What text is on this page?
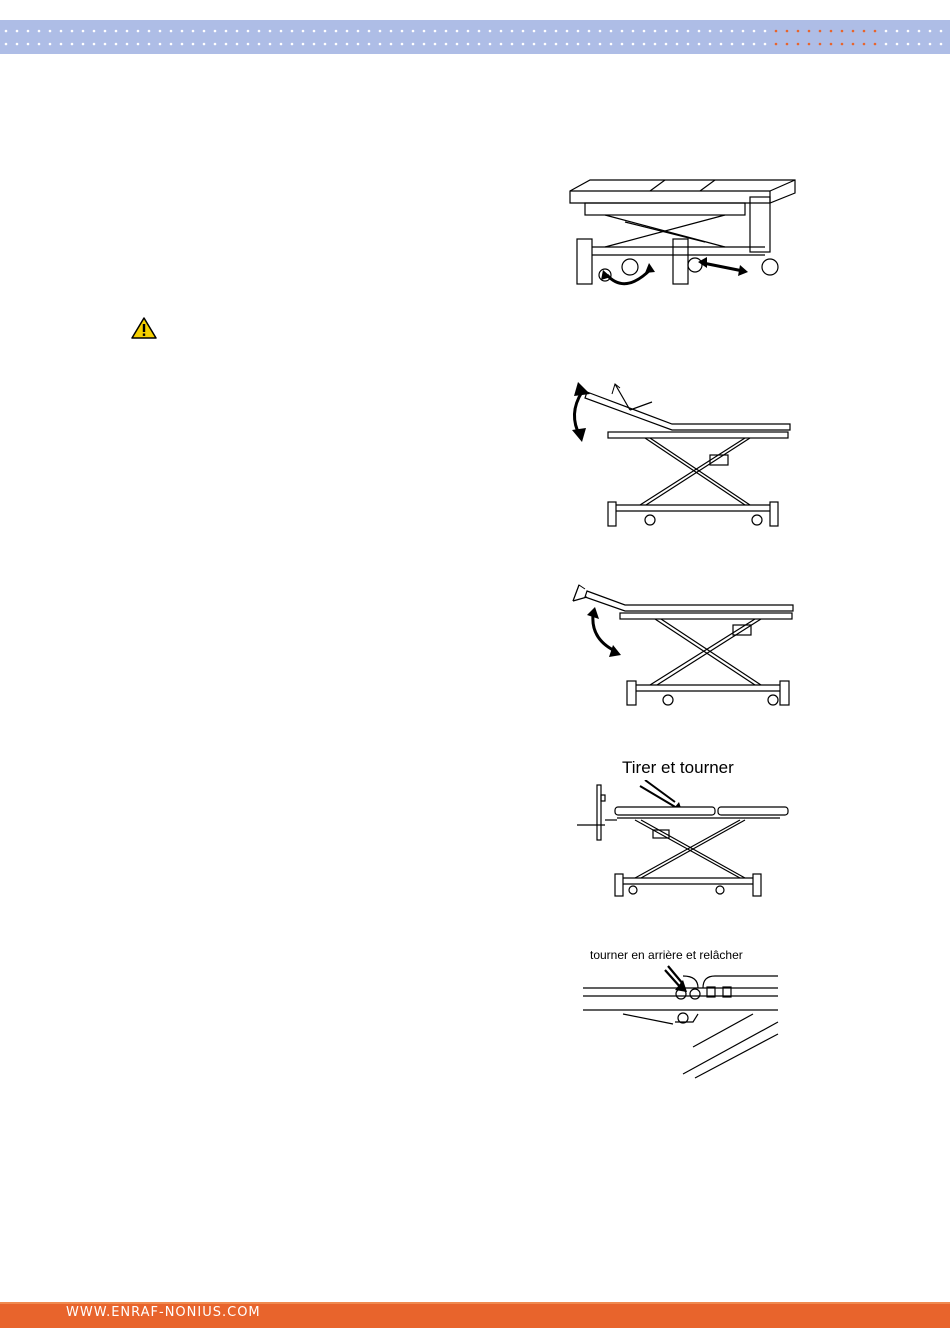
Tirer et tourner
tourner en arrière et relâcher
WWW.ENRAF-NONIUS.COM
